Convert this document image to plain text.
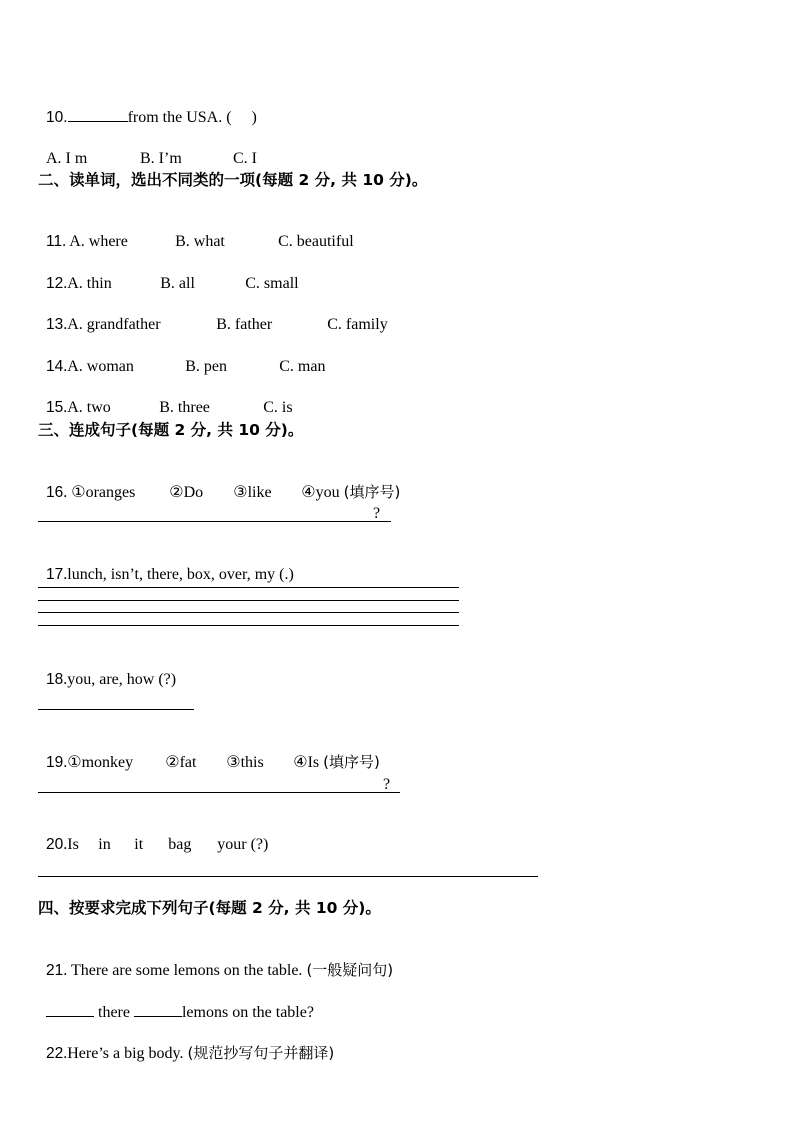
10.	from the USA. (     )

A. I m	B. I’m	C. I

二、读单词，选出不同类的一项(每题 2 分, 共 10 分)。

11. A. where	B. what	C. beautiful

12.A. thin	B. all	C. small

13.A. grandfather	B. father	C. family

14.A. woman	B. pen	C. man

15.A. two	B. three	C. is

三、连成句子(每题 2 分, 共 10 分)。

16. ①oranges ②Do ③like ④you (填序号)

?

17.lunch, isn’t, there, box, over, my (.)

18.you, are, how (?)

19.①monkey ②fat ③this ④Is (填序号)

?

20.Is in it bag your (?)

四、按要求完成下列句子(每题 2 分, 共 10 分)。

21. There are some lemons on the table. (一般疑问句)

there	lemons on the table?

22.Here’s a big body. (规范抄写句子并翻译)
